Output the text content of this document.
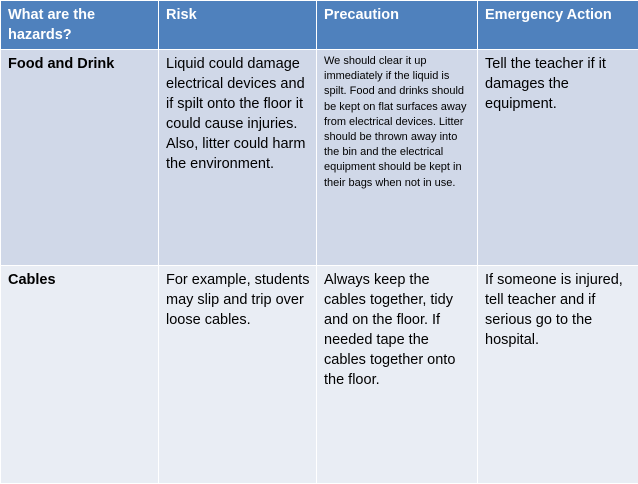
What are the hazards?	Risk	Precaution	Emergency Action
Food and Drink	Liquid could damage electrical devices and if spilt onto the floor it could cause injuries. Also, litter could harm the environment.	We should clear it up immediately if the liquid is spilt. Food and drinks should be kept on flat surfaces away from electrical devices. Litter should be thrown away into the bin and the electrical equipment should be kept in their bags when not in use.	Tell the teacher if it damages the equipment.
Cables	For example, students may slip and trip over loose cables.	Always keep the cables together, tidy and on the floor. If needed tape the cables together onto the floor.	If someone is injured, tell teacher and if serious go to the hospital.
